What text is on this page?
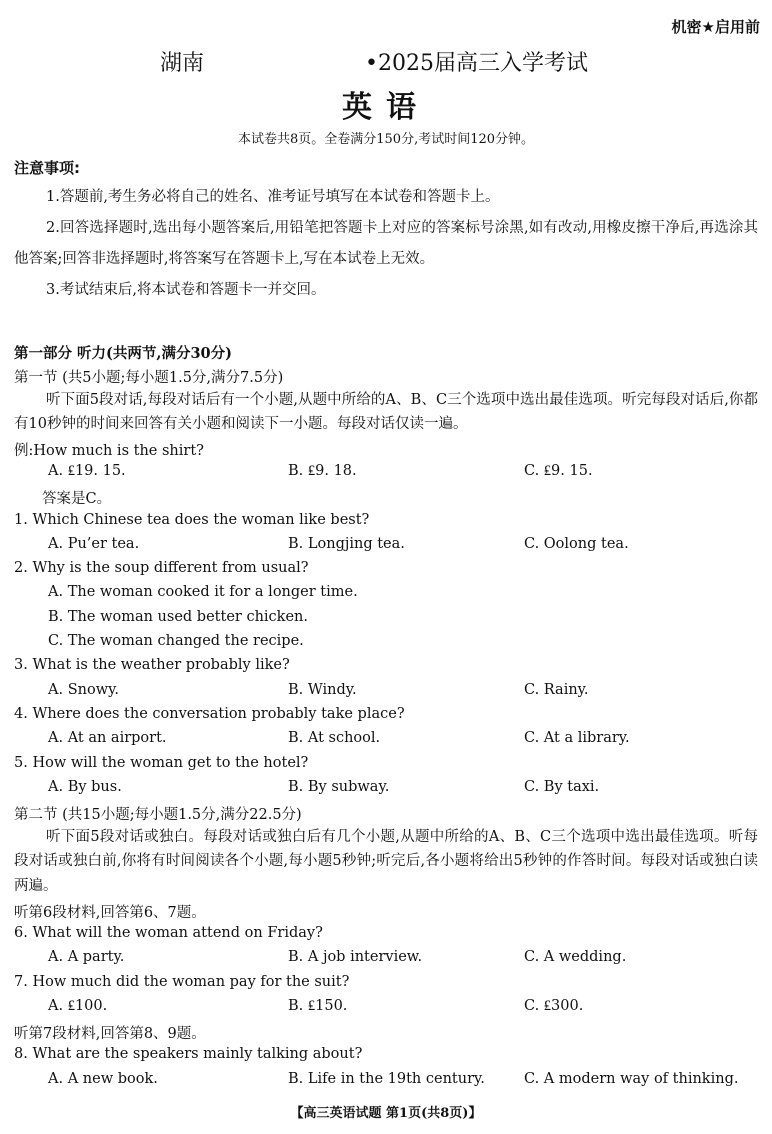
机密★启用前
湖南	•2025届高三入学考试
英语
本试卷共8页。全卷满分150分,考试时间120分钟。
注意事项:
1.答题前,考生务必将自己的姓名、准考证号填写在本试卷和答题卡上。
2.回答选择题时,选出每小题答案后,用铅笔把答题卡上对应的答案标号涂黑,如有改动,用橡皮擦干净后,再选涂其他答案;回答非选择题时,将答案写在答题卡上,写在本试卷上无效。
3.考试结束后,将本试卷和答题卡一并交回。
第一部分 听力(共两节,满分30分)
第一节 (共5小题;每小题1.5分,满分7.5分)
听下面5段对话,每段对话后有一个小题,从题中所给的A、B、C三个选项中选出最佳选项。听完每段对话后,你都有10秒钟的时间来回答有关小题和阅读下一小题。每段对话仅读一遍。
例:How much is the shirt?
A. ₤19. 15.	B. ₤9. 18.	C. ₤9. 15.
答案是C。
1. Which Chinese tea does the woman like best?
A. Pu’er tea.	B. Longjing tea.	C. Oolong tea.
2. Why is the soup different from usual?
A. The woman cooked it for a longer time.
B. The woman used better chicken.
C. The woman changed the recipe.
3. What is the weather probably like?
A. Snowy.	B. Windy.	C. Rainy.
4. Where does the conversation probably take place?
A. At an airport.	B. At school.	C. At a library.
5. How will the woman get to the hotel?
A. By bus.	B. By subway.	C. By taxi.
第二节 (共15小题;每小题1.5分,满分22.5分)
听下面5段对话或独白。每段对话或独白后有几个小题,从题中所给的A、B、C三个选项中选出最佳选项。听每段对话或独白前,你将有时间阅读各个小题,每小题5秒钟;听完后,各小题将给出5秒钟的作答时间。每段对话或独白读两遍。
听第6段材料,回答第6、7题。
6. What will the woman attend on Friday?
A. A party.	B. A job interview.	C. A wedding.
7. How much did the woman pay for the suit?
A. ₤100.	B. ₤150.	C. ₤300.
听第7段材料,回答第8、9题。
8. What are the speakers mainly talking about?
A. A new book.	B. Life in the 19th century.	C. A modern way of thinking.
【高三英语试题 第1页(共8页)】
